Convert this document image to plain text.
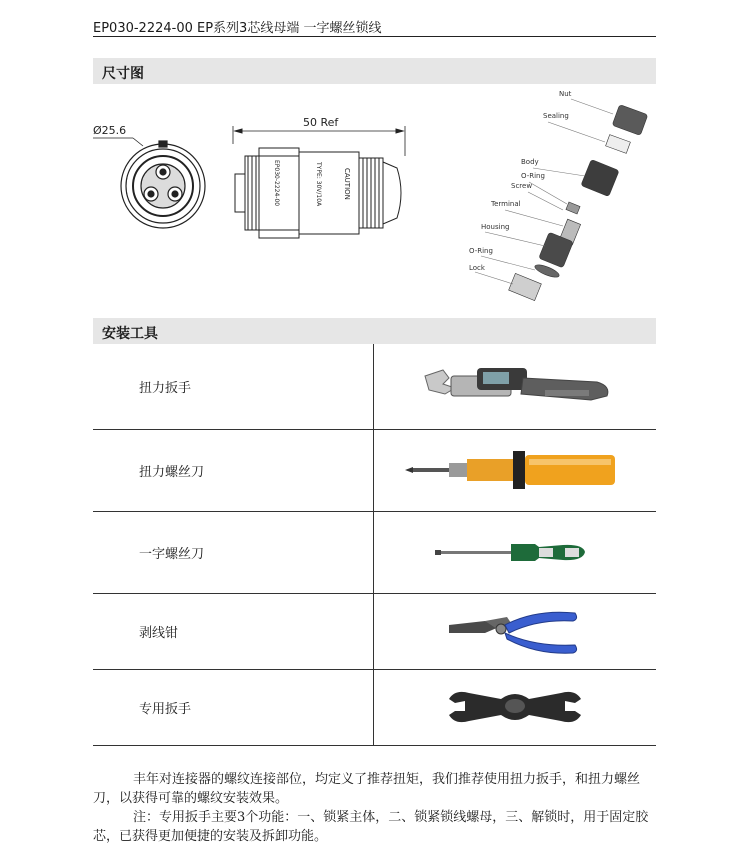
EP030-2224-00 EP系列3芯线母端 一字螺丝锁线
尺寸图
Ø25.6
50 Ref
EP030-2224-00	CAUTION
TYPE: 30V/10A
Nut
Sealing
Body
O-Ring
Screw
Terminal
Housing
O-Ring
Lock
安装工具
扭力扳手	

扭力螺丝刀	

一字螺丝刀	

剥线钳	

专用扳手	
丰年对连接器的螺纹连接部位，均定义了推荐扭矩，我们推荐使用扭力扳手，和扭力螺丝刀，以获得可靠的螺纹安装效果。
注：专用扳手主要3个功能：一、锁紧主体，二、锁紧锁线螺母，三、解锁时，用于固定胶芯，已获得更加便捷的安装及拆卸功能。
